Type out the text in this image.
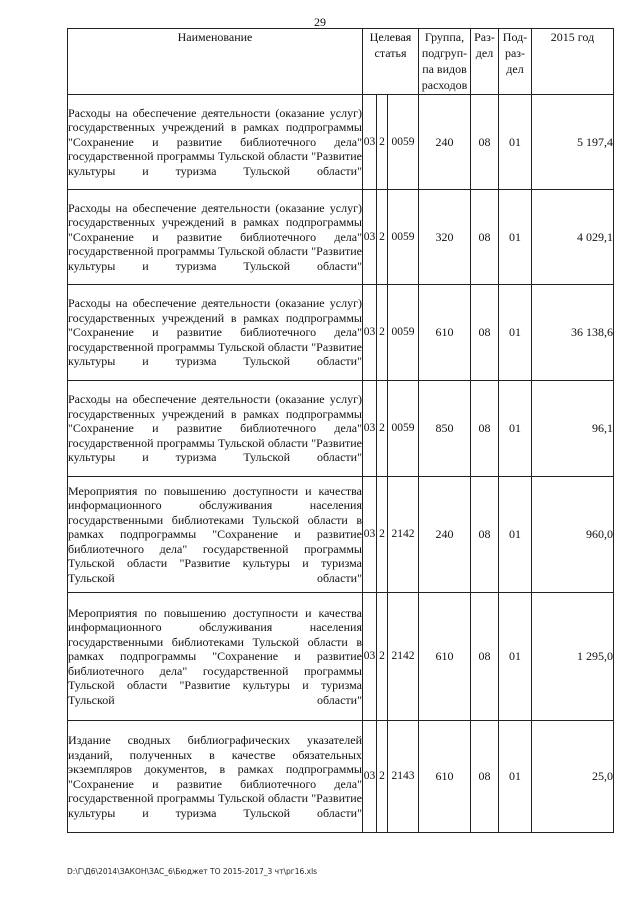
29
Наименование	Целевая статья			Группа, подгруп-па видов расходов	Раз-дел	Под-раз-дел	2015 год
Расходы на обеспечение деятельности (оказание услуг) государственных учреждений в рамках подпрограммы "Сохранение и развитие библиотечного дела" государственной программы Тульской области "Развитие культуры и туризма Тульской области"	03	2	0059	240	08	01	5 197,4
Расходы на обеспечение деятельности (оказание услуг) государственных учреждений в рамках подпрограммы "Сохранение и развитие библиотечного дела" государственной программы Тульской области "Развитие культуры и туризма Тульской области"	03	2	0059	320	08	01	4 029,1
Расходы на обеспечение деятельности (оказание услуг) государственных учреждений в рамках подпрограммы "Сохранение и развитие библиотечного дела" государственной программы Тульской области "Развитие культуры и туризма Тульской области"	03	2	0059	610	08	01	36 138,6
Расходы на обеспечение деятельности (оказание услуг) государственных учреждений в рамках подпрограммы "Сохранение и развитие библиотечного дела" государственной программы Тульской области "Развитие культуры и туризма Тульской области"	03	2	0059	850	08	01	96,1
Мероприятия по повышению доступности и качества информационного обслуживания населения государственными библиотеками Тульской области в рамках подпрограммы "Сохранение и развитие библиотечного дела" государственной программы Тульской области "Развитие культуры и туризма Тульской области"	03	2	2142	240	08	01	960,0
Мероприятия по повышению доступности и качества информационного обслуживания населения государственными библиотеками Тульской области в рамках подпрограммы "Сохранение и развитие библиотечного дела" государственной программы Тульской области "Развитие культуры и туризма Тульской области"	03	2	2142	610	08	01	1 295,0
Издание сводных библиографических указателей изданий, полученных в качестве обязательных экземпляров документов, в рамках подпрограммы "Сохранение и развитие библиотечного дела" государственной программы Тульской области "Развитие культуры и туризма Тульской области"	03	2	2143	610	08	01	25,0
D:\Г\Д6\2014\ЗАКОН\ЗАС_6\Бюджет ТО 2015-2017_3 чт\рг16.xls
